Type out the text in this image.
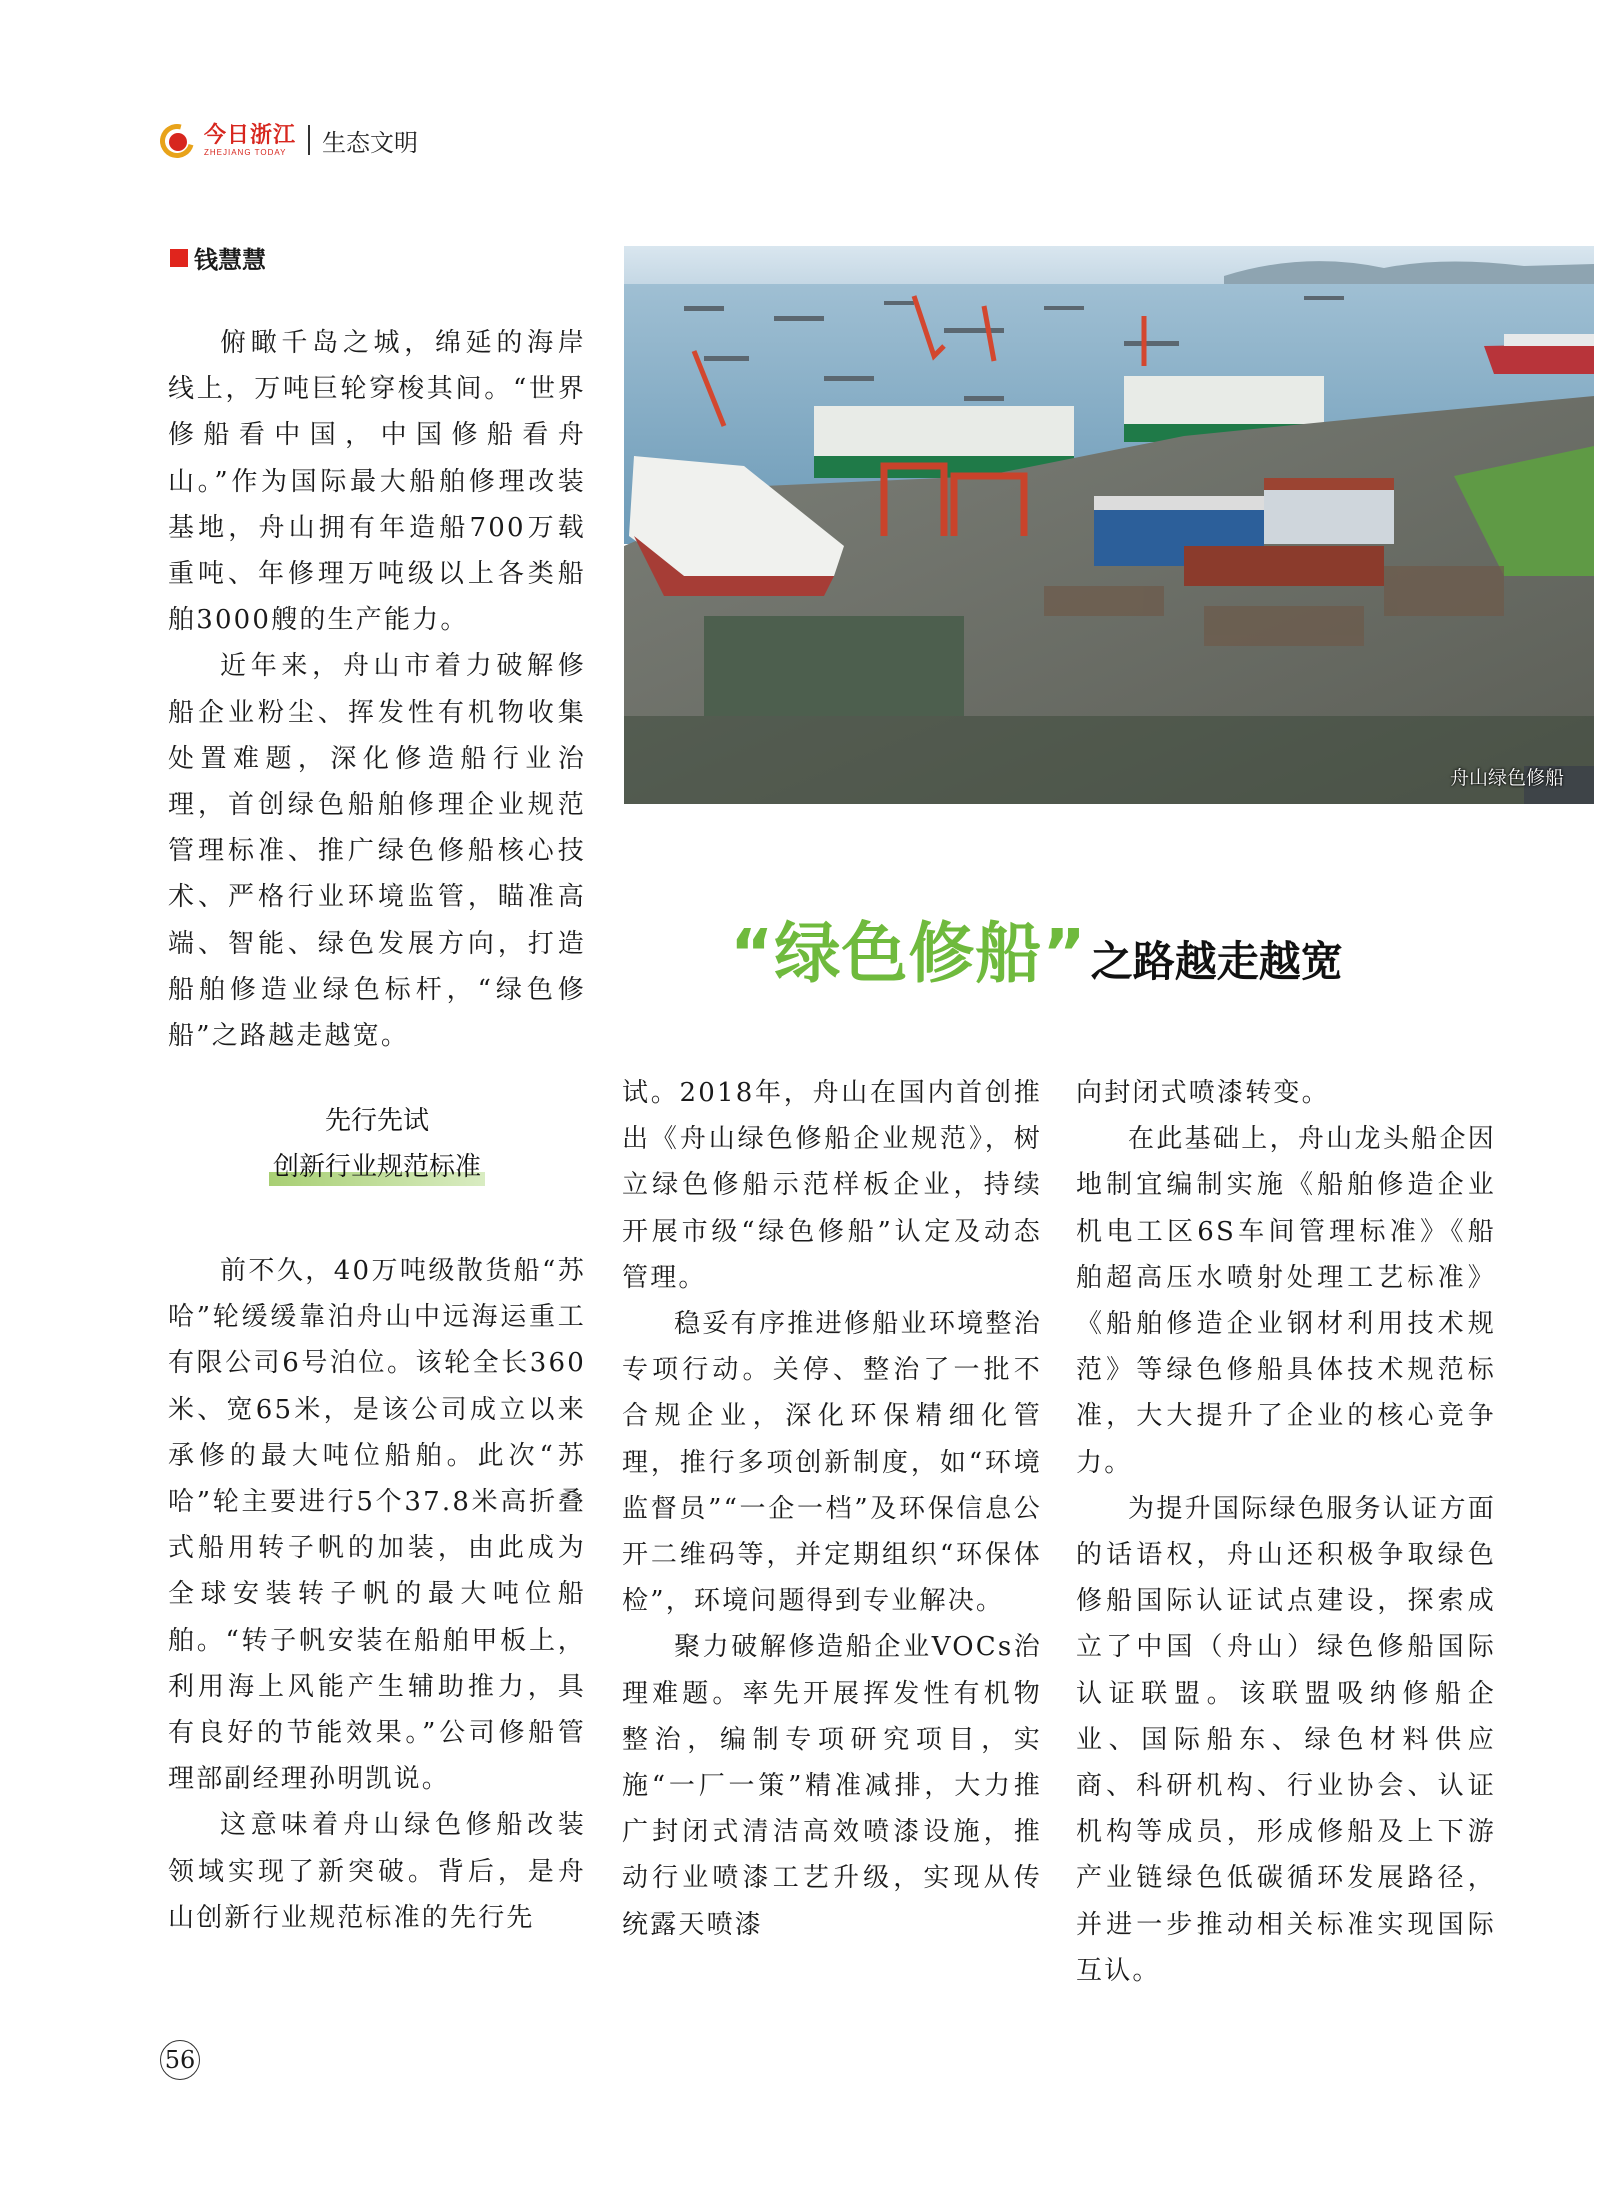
今日浙江
ZHEJIANG TODAY	生态文明
钱慧慧

俯瞰千岛之城，绵延的海岸线上，万吨巨轮穿梭其间。“世界修船看中国，中国修船看舟山。”作为国际最大船舶修理改装基地，舟山拥有年造船700万载重吨、年修理万吨级以上各类船舶3000艘的生产能力。

近年来，舟山市着力破解修船企业粉尘、挥发性有机物收集处置难题，深化修造船行业治理，首创绿色船舶修理企业规范管理标准、推广绿色修船核心技术、严格行业环境监管，瞄准高端、智能、绿色发展方向，打造船舶修造业绿色标杆，“绿色修船”之路越走越宽。

舟山绿色修船
“绿色修船” 之路越走越宽
先行先试
创新行业规范标准

前不久，40万吨级散货船“苏哈”轮缓缓靠泊舟山中远海运重工有限公司6号泊位。该轮全长360米、宽65米，是该公司成立以来承修的最大吨位船舶。此次“苏哈”轮主要进行5个37.8米高折叠式船用转子帆的加装，由此成为全球安装转子帆的最大吨位船舶。“转子帆安装在船舶甲板上，利用海上风能产生辅助推力，具有良好的节能效果。”公司修船管理部副经理孙明凯说。

这意味着舟山绿色修船改装领域实现了新突破。背后，是舟山创新行业规范标准的先行先

试。2018年，舟山在国内首创推出《舟山绿色修船企业规范》，树立绿色修船示范样板企业，持续开展市级“绿色修船”认定及动态管理。

稳妥有序推进修船业环境整治专项行动。关停、整治了一批不合规企业，深化环保精细化管理，推行多项创新制度，如“环境监督员”“一企一档”及环保信息公开二维码等，并定期组织“环保体检”，环境问题得到专业解决。

聚力破解修造船企业VOCs治理难题。率先开展挥发性有机物整治，编制专项研究项目，实施“一厂一策”精准减排，大力推广封闭式清洁高效喷漆设施，推动行业喷漆工艺升级，实现从传统露天喷漆

向封闭式喷漆转变。

在此基础上，舟山龙头船企因地制宜编制实施《船舶修造企业机电工区6S车间管理标准》《船舶超高压水喷射处理工艺标准》《船舶修造企业钢材利用技术规范》等绿色修船具体技术规范标准，大大提升了企业的核心竞争力。

为提升国际绿色服务认证方面的话语权，舟山还积极争取绿色修船国际认证试点建设，探索成立了中国（舟山）绿色修船国际认证联盟。该联盟吸纳修船企业、国际船东、绿色材料供应商、科研机构、行业协会、认证机构等成员，形成修船及上下游产业链绿色低碳循环发展路径，并进一步推动相关标准实现国际互认。

56
